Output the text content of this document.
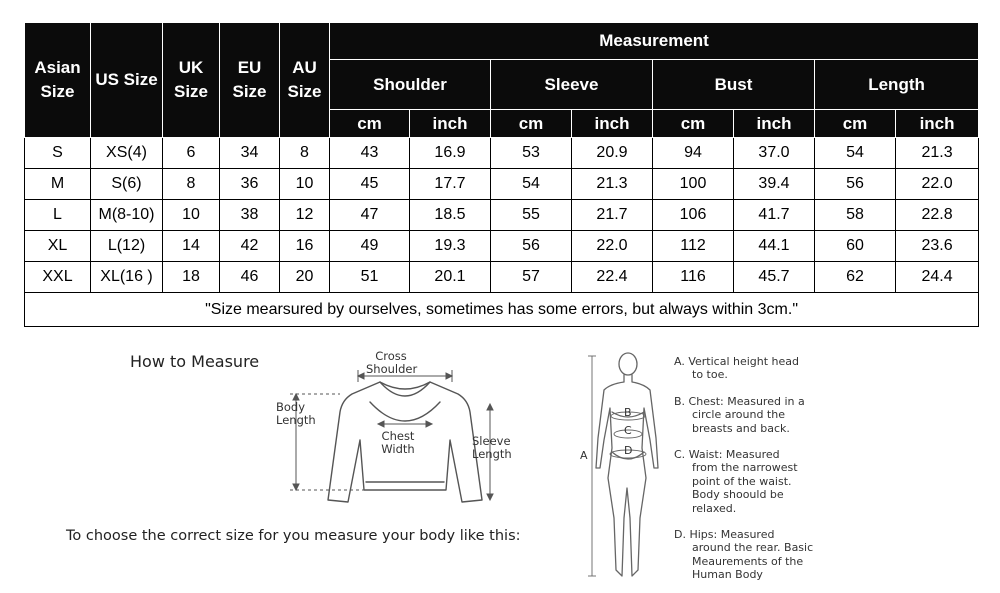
Asian Size	US Size	UK Size	EU Size	AU Size	Measurement							
					Shoulder		Sleeve		Bust		Length	
					cm	inch	cm	inch	cm	inch	cm	inch
S	XS(4)	6	34	8	43	16.9	53	20.9	94	37.0	54	21.3
M	S(6)	8	36	10	45	17.7	54	21.3	100	39.4	56	22.0
L	M(8-10)	10	38	12	47	18.5	55	21.7	106	41.7	58	22.8
XL	L(12)	14	42	16	49	19.3	56	22.0	112	44.1	60	23.6
XXL	XL(16 )	18	46	20	51	20.1	57	22.4	116	45.7	62	24.4
"Size mearsured by ourselves, sometimes has some errors, but always within 3cm."												
How to Measure	Cross Shoulder
Body Length
Chest Width
Sleeve Length
To choose the correct size for you measure your body like this:
A
B
C
D
A. Vertical height head
to toe.
B. Chest: Measured in a
circle around the breasts and back.
C. Waist: Measured
from the narrowest point of the waist. Body shoould be relaxed.
D. Hips: Measured
around the rear. Basic Meaurements of the Human Body
